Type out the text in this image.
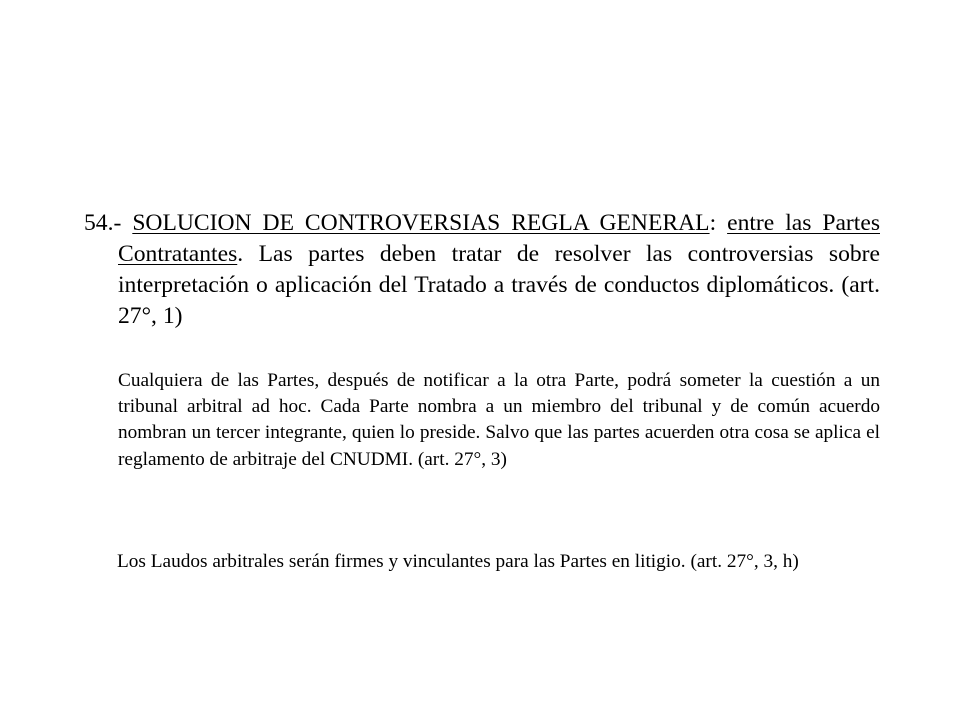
54.- SOLUCION DE CONTROVERSIAS REGLA GENERAL: entre las Partes Contratantes. Las partes deben tratar de resolver las controversias sobre interpretación o aplicación del Tratado a través de conductos diplomáticos. (art. 27°, 1)

Cualquiera de las Partes, después de notificar a la otra Parte, podrá someter la cuestión a un tribunal arbitral ad hoc. Cada Parte nombra a un miembro del tribunal y de común acuerdo nombran un tercer integrante, quien lo preside. Salvo que las partes acuerden otra cosa se aplica el reglamento de arbitraje del CNUDMI. (art. 27°, 3)

Los Laudos arbitrales serán firmes y vinculantes para las Partes en litigio. (art. 27°, 3, h)
